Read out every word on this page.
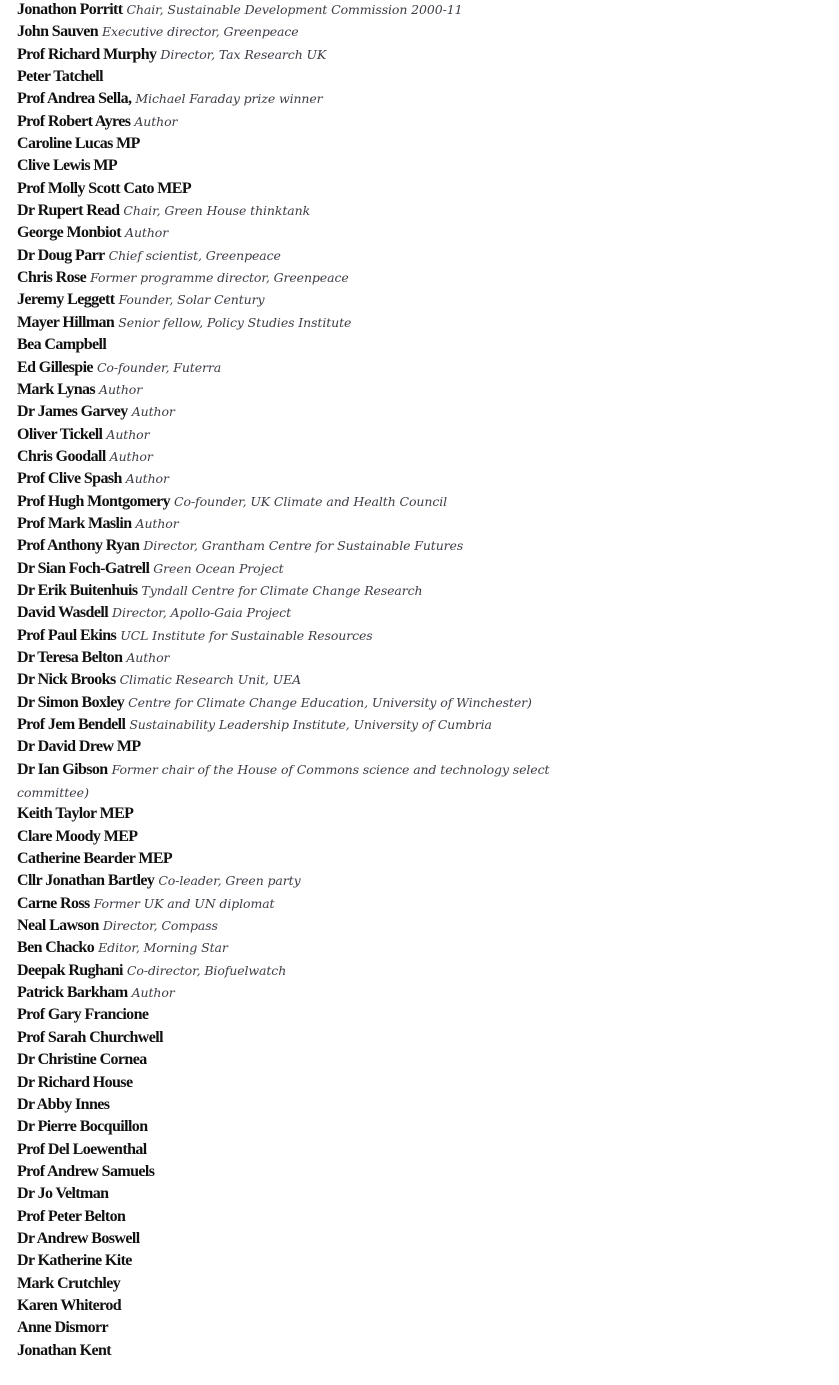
Jonathon Porritt Chair, Sustainable Development Commission 2000-11
John Sauven Executive director, Greenpeace
Prof Richard Murphy Director, Tax Research UK
Peter Tatchell
Prof Andrea Sella, Michael Faraday prize winner
Prof Robert Ayres Author
Caroline Lucas MP
Clive Lewis MP
Prof Molly Scott Cato MEP
Dr Rupert Read Chair, Green House thinktank
George Monbiot Author
Dr Doug Parr Chief scientist, Greenpeace
Chris Rose Former programme director, Greenpeace
Jeremy Leggett Founder, Solar Century
Mayer Hillman Senior fellow, Policy Studies Institute
Bea Campbell
Ed Gillespie Co-founder, Futerra
Mark Lynas Author
Dr James Garvey Author
Oliver Tickell Author
Chris Goodall Author
Prof Clive Spash Author
Prof Hugh Montgomery Co-founder, UK Climate and Health Council
Prof Mark Maslin Author
Prof Anthony Ryan Director, Grantham Centre for Sustainable Futures
Dr Sian Foch-Gatrell Green Ocean Project
Dr Erik Buitenhuis Tyndall Centre for Climate Change Research
David Wasdell Director, Apollo-Gaia Project
Prof Paul Ekins UCL Institute for Sustainable Resources
Dr Teresa Belton Author
Dr Nick Brooks Climatic Research Unit, UEA
Dr Simon Boxley Centre for Climate Change Education, University of Winchester)
Prof Jem Bendell Sustainability Leadership Institute, University of Cumbria
Dr David Drew MP
Dr Ian Gibson Former chair of the House of Commons science and technology select
committee)
Keith Taylor MEP
Clare Moody MEP
Catherine Bearder MEP
Cllr Jonathan Bartley Co-leader, Green party
Carne Ross Former UK and UN diplomat
Neal Lawson Director, Compass
Ben Chacko Editor, Morning Star
Deepak Rughani Co-director, Biofuelwatch
Patrick Barkham Author
Prof Gary Francione
Prof Sarah Churchwell
Dr Christine Cornea
Dr Richard House
Dr Abby Innes
Dr Pierre Bocquillon
Prof Del Loewenthal
Prof Andrew Samuels
Dr Jo Veltman
Prof Peter Belton
Dr Andrew Boswell
Dr Katherine Kite
Mark Crutchley
Karen Whiterod
Anne Dismorr
Jonathan Kent
